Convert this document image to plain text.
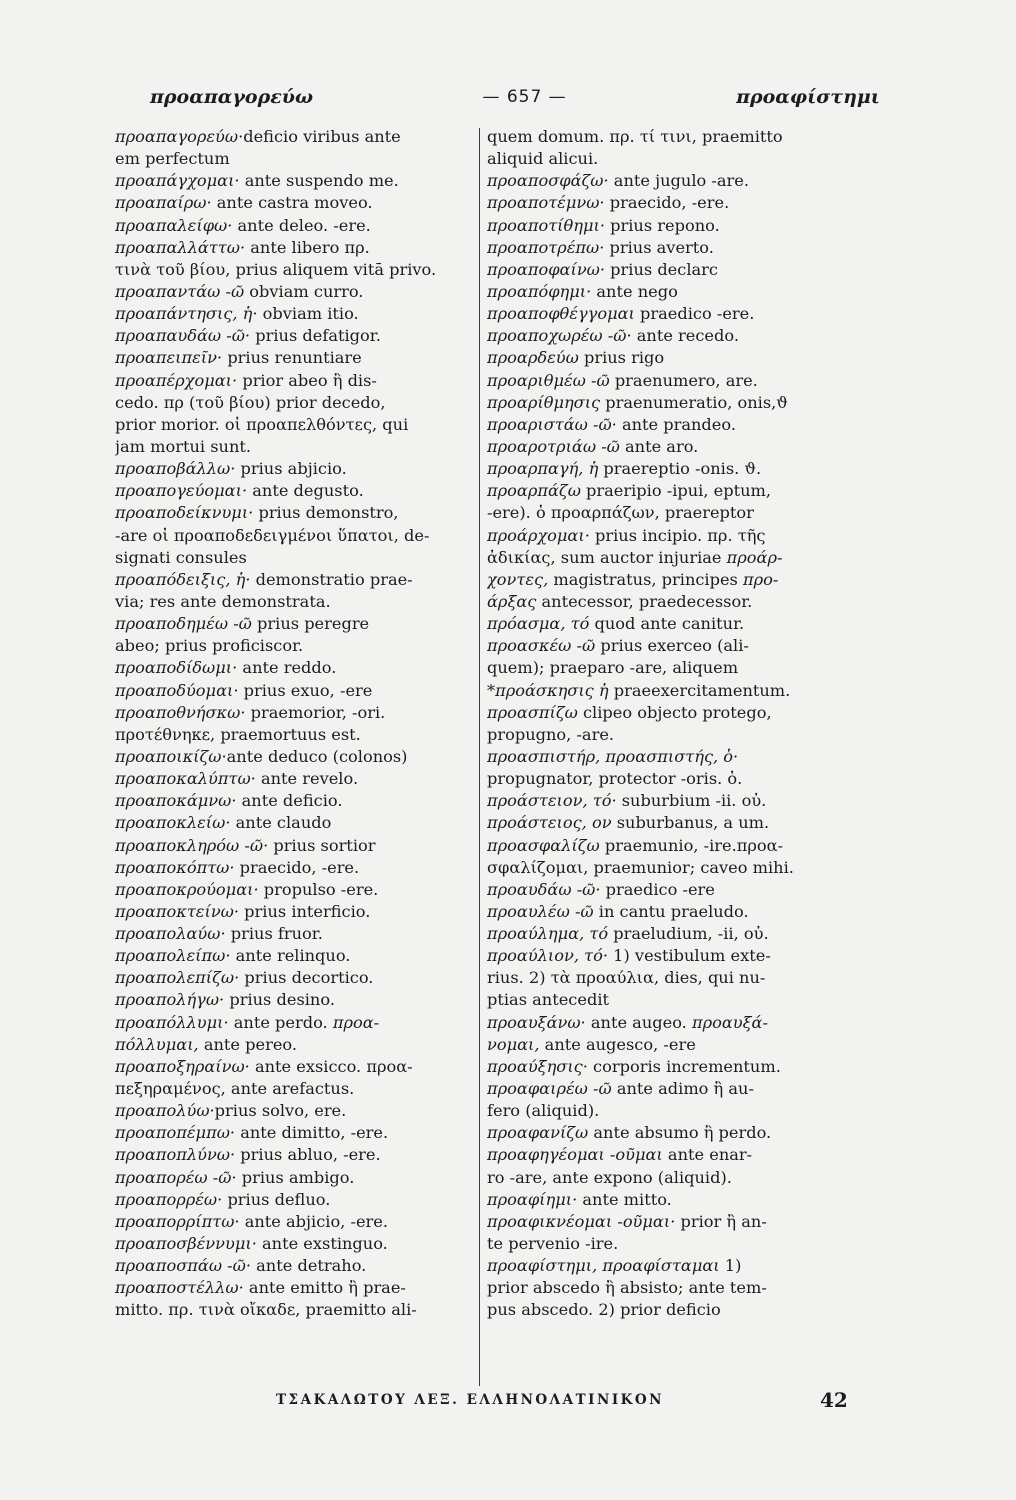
προαπαγορεύω	— 657 —	προαφίστημι
προαπαγορεύω·deficio viribus ante
em perfectum
προαπάγχομαι· ante suspendo me.
προαπαίρω· ante castra moveo.
προαπαλείφω· ante deleo. -ere.
προαπαλλάττω· ante libero πρ.
τινὰ τοῦ βίου, prius aliquem vitā privo.
προαπαντάω -ῶ obviam curro.
προαπάντησις, ἡ· obviam itio.
προαπαυδάω -ῶ· prius defatigor.
προαπειπεῖν· prius renuntiare
προαπέρχομαι· prior abeo ἢ dis-
cedo. πρ (τοῦ βίου) prior decedo,
prior morior. οἱ προαπελθόντες, qui
jam mortui sunt.
προαποβάλλω· prius abjicio.
προαπογεύομαι· ante degusto.
προαποδείκνυμι· prius demonstro,
-are οἱ προαποδεδειγμένοι ὕπατοι, de-
signati consules
προαπόδειξις, ἡ· demonstratio prae-
via; res ante demonstrata.
προαποδημέω -ῶ prius peregre
abeo; prius proficiscor.
προαποδίδωμι· ante reddo.
προαποδύομαι· prius exuo, -ere
προαποθνήσκω· praemorior, -ori.
προτέθνηκε, praemortuus est.
προαποικίζω·ante deduco (colonos)
προαποκαλύπτω· ante revelo.
προαποκάμνω· ante deficio.
προαποκλείω· ante claudo
προαποκληρόω -ῶ· prius sortior
προαποκόπτω· praecido, -ere.
προαποκρούομαι· propulso -ere.
προαποκτείνω· prius interficio.
προαπολαύω· prius fruor.
προαπολείπω· ante relinquo.
προαπολεπίζω· prius decortico.
προαπολήγω· prius desino.
προαπόλλυμι· ante perdo. προα-
πόλλυμαι, ante pereo.
προαποξηραίνω· ante exsicco. προα-
πεξηραμένος, ante arefactus.
προαπολύω·prius solvo, ere.
προαποπέμπω· ante dimitto, -ere.
προαποπλύνω· prius abluo, -ere.
προαπορέω -ῶ· prius ambigo.
προαπορρέω· prius defluo.
προαπορρίπτω· ante abjicio, -ere.
προαποσβέννυμι· ante exstinguo.
προαποσπάω -ῶ· ante detraho.
προαποστέλλω· ante emitto ἢ prae-
mitto. πρ. τινὰ οἴκαδε, praemitto ali-
quem domum. πρ. τί τινι, praemitto
aliquid alicui.
προαποσφάζω· ante jugulo -are.
προαποτέμνω· praecido, -ere.
προαποτίθημι· prius repono.
προαποτρέπω· prius averto.
προαποφαίνω· prius declarc
προαπόφημι· ante nego
προαποφθέγγομαι praedico -ere.
προαποχωρέω -ῶ· ante recedo.
προαρδεύω prius rigo
προαριθμέω -ῶ praenumero, are.
προαρίθμησις praenumeratio, onis,ϑ
προαριστάω -ῶ· ante prandeo.
προαροτριάω -ῶ ante aro.
προαρπαγή, ἡ praereptio -onis. ϑ.
προαρπάζω praeripio -ipui, eptum,
-ere). ὁ προαρπάζων, praereptor
προάρχομαι· prius incipio. πρ. τῆς
ἀδικίας, sum auctor injuriae προάρ-
χοντες, magistratus, principes προ-
άρξας antecessor, praedecessor.
πρόασμα, τό quod ante canitur.
προασκέω -ῶ prius exerceo (ali-
quem); praeparo -are, aliquem
*προάσκησις ἡ praeexercitamentum.
προασπίζω clipeo objecto protego,
propugno, -are.
προασπιστήρ, προασπιστής, ὁ·
propugnator, protector -oris. ὁ.
προάστειον, τό· suburbium -ii. οὐ.
προάστειος, ον suburbanus, a um.
προασφαλίζω praemunio, -ire.προα-
σφαλίζομαι, praemunior; caveo mihi.
προαυδάω -ῶ· praedico -ere
προαυλέω -ῶ in cantu praeludo.
προαύλημα, τό praeludium, -ii, οὐ.
προαύλιον, τό· 1) vestibulum exte-
rius. 2) τὰ προαύλια, dies, qui nu-
ptias antecedit
προαυξάνω· ante augeo. προαυξά-
νομαι, ante augesco, -ere
προαύξησις· corporis incrementum.
προαφαιρέω -ῶ ante adimo ἢ au-
fero (aliquid).
προαφανίζω ante absumo ἢ perdo.
προαφηγέομαι -οῦμαι ante enar-
ro -are, ante expono (aliquid).
προαφίημι· ante mitto.
προαφικνέομαι -οῦμαι· prior ἢ an-
te pervenio -ire.
προαφίστημι, προαφίσταμαι 1)
prior abscedo ἢ absisto; ante tem-
pus abscedo. 2) prior deficio
ΤΣΑΚΑΛΩΤΟΥ ΛΕΞ. ΕΛΛΗΝΟΛΑΤΙΝΙΚΟΝ	42
